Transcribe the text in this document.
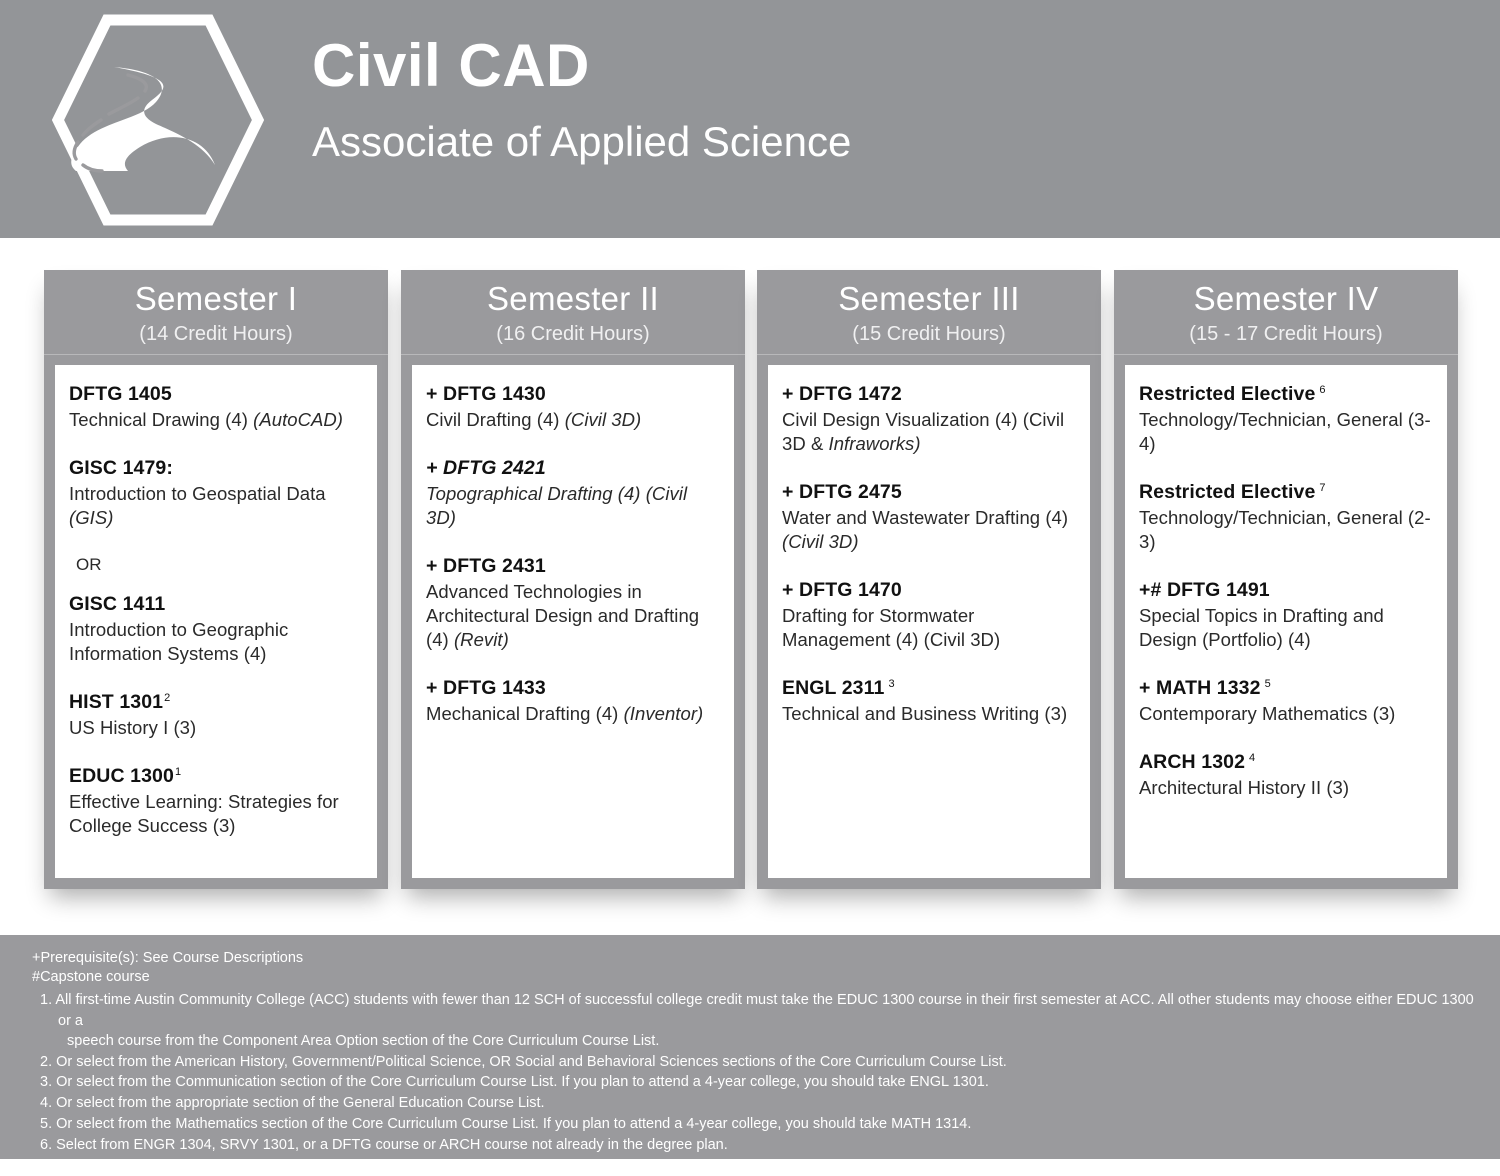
Civil CAD
Associate of Applied Science
Semester I
(14 Credit Hours)
DFTG 1405
Technical Drawing (4) (AutoCAD)
GISC 1479:
Introduction to Geospatial Data (GIS)
OR
GISC 1411
Introduction to Geographic Information Systems (4)
HIST 1301$^2$
US History I (3)
EDUC 1300$^1$
Effective Learning: Strategies for College Success (3)
Semester II
(16 Credit Hours)
+ DFTG 1430
Civil Drafting (4) (Civil 3D)
+ DFTG 2421
Topographical Drafting (4) (Civil 3D)
+ DFTG 2431
Advanced Technologies in Architectural Design and Drafting (4) (Revit)
+ DFTG 1433
Mechanical Drafting (4) (Inventor)
Semester III
(15 Credit Hours)
+ DFTG 1472
Civil Design Visualization (4) (Civil 3D & Infraworks)
+ DFTG 2475
Water and Wastewater Drafting (4) (Civil 3D)
+ DFTG 1470
Drafting for Stormwater Management (4) (Civil 3D)
ENGL 2311 $^3$
Technical and Business Writing (3)
Semester IV
(15 - 17 Credit Hours)
Restricted Elective $^6$
Technology/Technician, General (3-4)
Restricted Elective $^7$
Technology/Technician, General (2-3)
+# DFTG 1491
Special Topics in Drafting and Design (Portfolio) (4)
+ MATH 1332 $^5$
Contemporary Mathematics (3)
ARCH 1302 $^4$
Architectural History II (3)
+Prerequisite(s): See Course Descriptions
#Capstone course
1. All first-time Austin Community College (ACC) students with fewer than 12 SCH of successful college credit must take the EDUC 1300 course in their first semester at ACC. All other students may choose either EDUC 1300 or a
speech course from the Component Area Option section of the Core Curriculum Course List.
2. Or select from the American History, Government/Political Science, OR Social and Behavioral Sciences sections of the Core Curriculum Course List.
3. Or select from the Communication section of the Core Curriculum Course List. If you plan to attend a 4-year college, you should take ENGL 1301.
4. Or select from the appropriate section of the General Education Course List.
5. Or select from the Mathematics section of the Core Curriculum Course List. If you plan to attend a 4-year college, you should take MATH 1314.
6. Select from ENGR 1304, SRVY 1301, or a DFTG course or ARCH course not already in the degree plan.
7. Select from ENGR 1201, ENGR 1304, SRVY 1301, or an ARCH course not already in the degree plan.
